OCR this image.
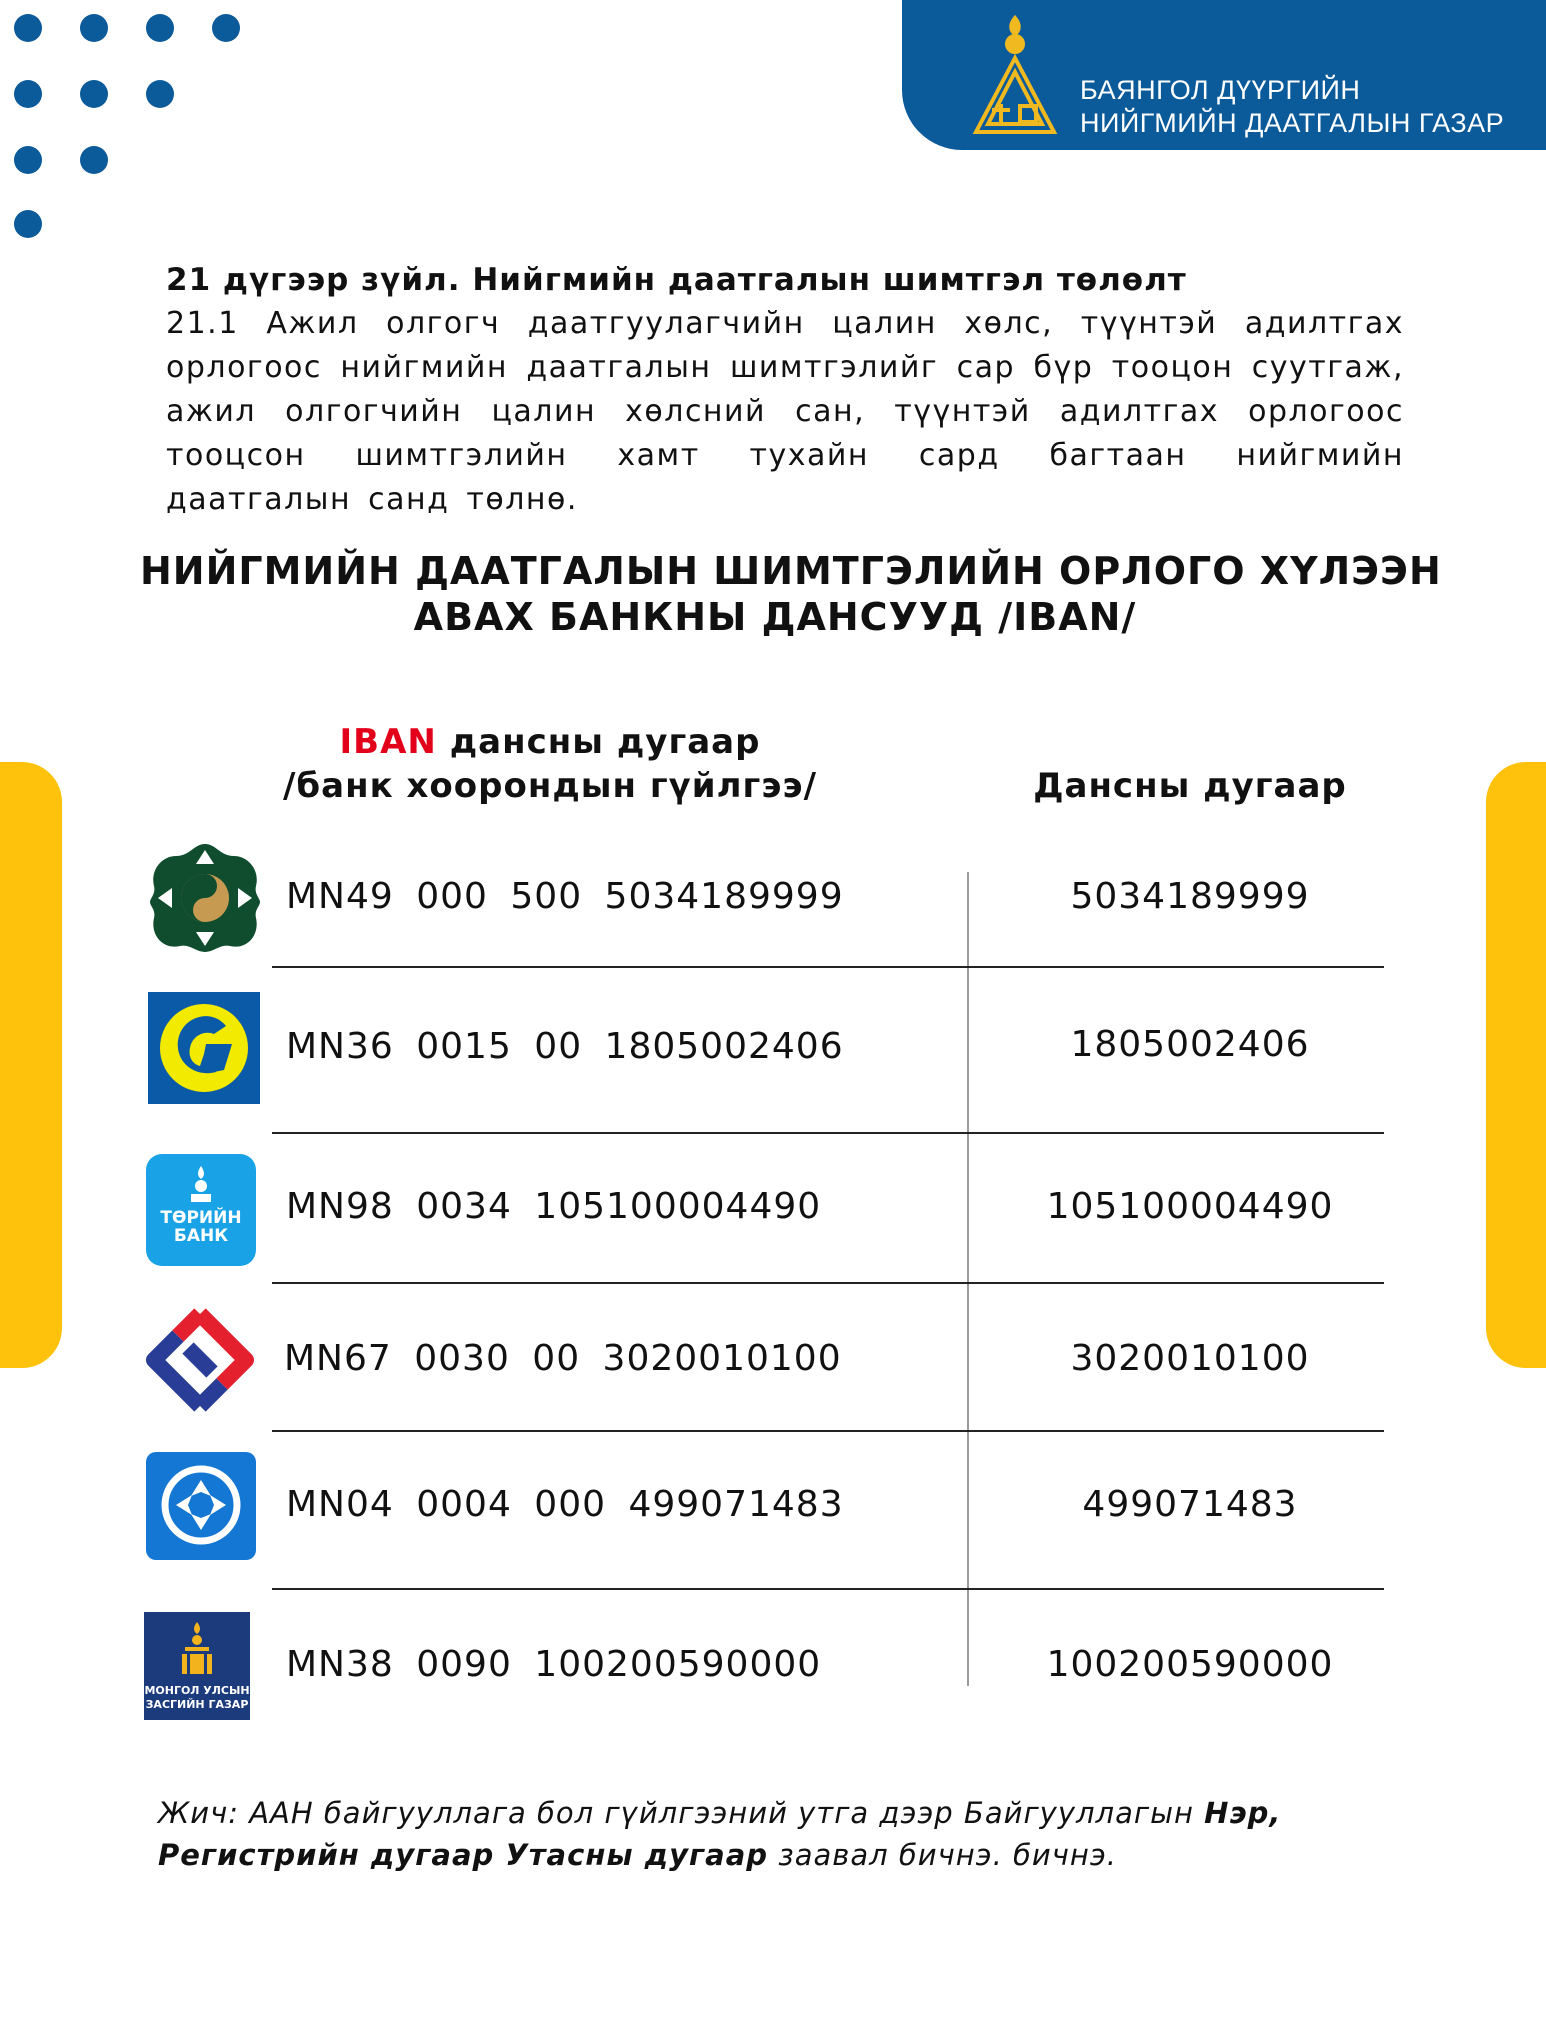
БАЯНГОЛ ДҮҮРГИЙН
НИЙГМИЙН ДААТГАЛЫН ГАЗАР
21 дүгээр зүйл. Нийгмийн даатгалын шимтгэл төлөлт
21.1 Ажил олгогч даатгуулагчийн цалин хөлс, түүнтэй адилтгах орлогоос нийгмийн даатгалын шимтгэлийг сар бүр тооцон суутгаж, ажил олгогчийн цалин хөлсний сан, түүнтэй адилтгах орлогоос тооцсон шимтгэлийн хамт тухайн сард багтаан нийгмийн даатгалын санд төлнө.
НИЙГМИЙН ДААТГАЛЫН ШИМТГЭЛИЙН ОРЛОГО ХҮЛЭЭН
АВАХ БАНКНЫ ДАНСУУД /IBAN/
IBAN дансны дугаар
/банк хоорондын гүйлгээ/	Дансны дугаар
MN49 000 500 5034189999	5034189999
MN36 0015 00 1805002406	1805002406
ТӨРИЙН
БАНК
MN98 0034 105100004490	105100004490
MN67 0030 00 3020010100	3020010100
MN04 0004 000 499071483	499071483
МОНГОЛ УЛСЫН
ЗАСГИЙН ГАЗАР
MN38 0090 100200590000	100200590000
Жич: ААН байгууллага бол гүйлгээний утга дээр Байгууллагын Нэр, Регистрийн дугаар Утасны дугаар заавал бичнэ. бичнэ.
